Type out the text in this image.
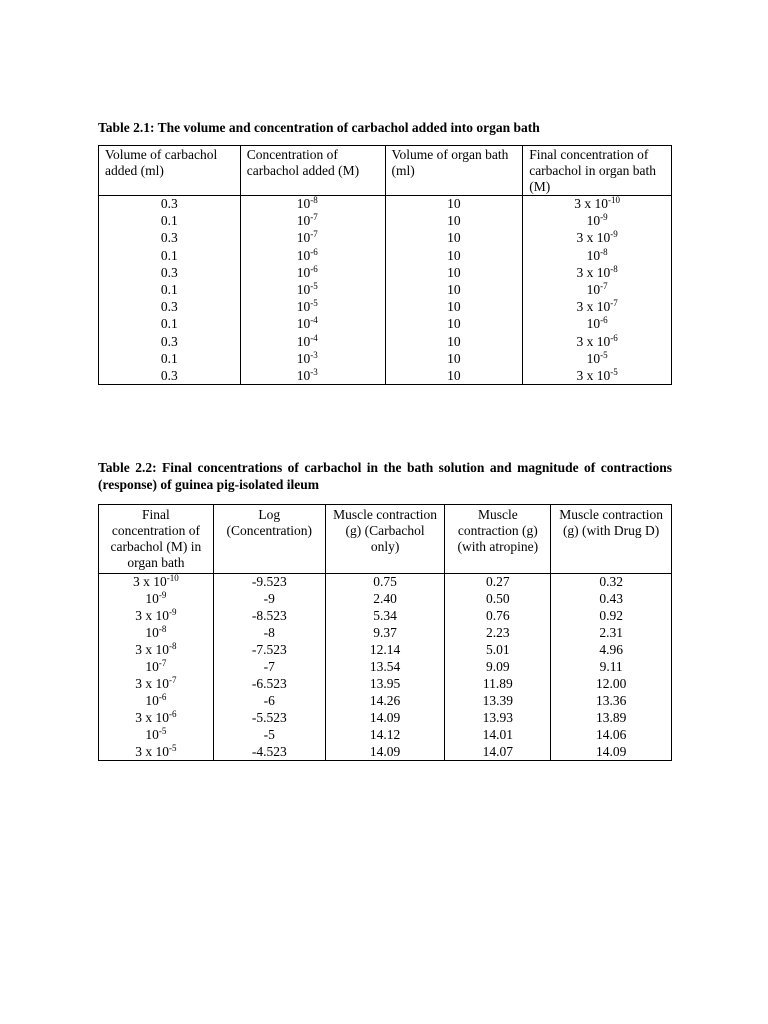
Table 2.1: The volume and concentration of carbachol added into organ bath
Volume of carbachol added (ml)	Concentration of carbachol added (M)	Volume of organ bath (ml)	Final concentration of carbachol in organ bath (M)
0.3	$10^{-8}$	10	3 x $10^{-10}$
0.1	$10^{-7}$	10	$10^{-9}$
0.3	$10^{-7}$	10	3 x $10^{-9}$
0.1	$10^{-6}$	10	$10^{-8}$
0.3	$10^{-6}$	10	3 x $10^{-8}$
0.1	$10^{-5}$	10	$10^{-7}$
0.3	$10^{-5}$	10	3 x $10^{-7}$
0.1	$10^{-4}$	10	$10^{-6}$
0.3	$10^{-4}$	10	3 x $10^{-6}$
0.1	$10^{-3}$	10	$10^{-5}$
0.3	$10^{-3}$	10	3 x $10^{-5}$
Table 2.2: Final concentrations of carbachol in the bath solution and magnitude of contractions (response) of guinea pig-isolated ileum
Final concentration of carbachol (M) in organ bath	Log (Concentration)	Muscle contraction (g) (Carbachol only)	Muscle contraction (g) (with atropine)	Muscle contraction (g) (with Drug D)
3 x $10^{-10}$	-9.523	0.75	0.27	0.32
$10^{-9}$	-9	2.40	0.50	0.43
3 x $10^{-9}$	-8.523	5.34	0.76	0.92
$10^{-8}$	-8	9.37	2.23	2.31
3 x $10^{-8}$	-7.523	12.14	5.01	4.96
$10^{-7}$	-7	13.54	9.09	9.11
3 x $10^{-7}$	-6.523	13.95	11.89	12.00
$10^{-6}$	-6	14.26	13.39	13.36
3 x $10^{-6}$	-5.523	14.09	13.93	13.89
$10^{-5}$	-5	14.12	14.01	14.06
3 x $10^{-5}$	-4.523	14.09	14.07	14.09
